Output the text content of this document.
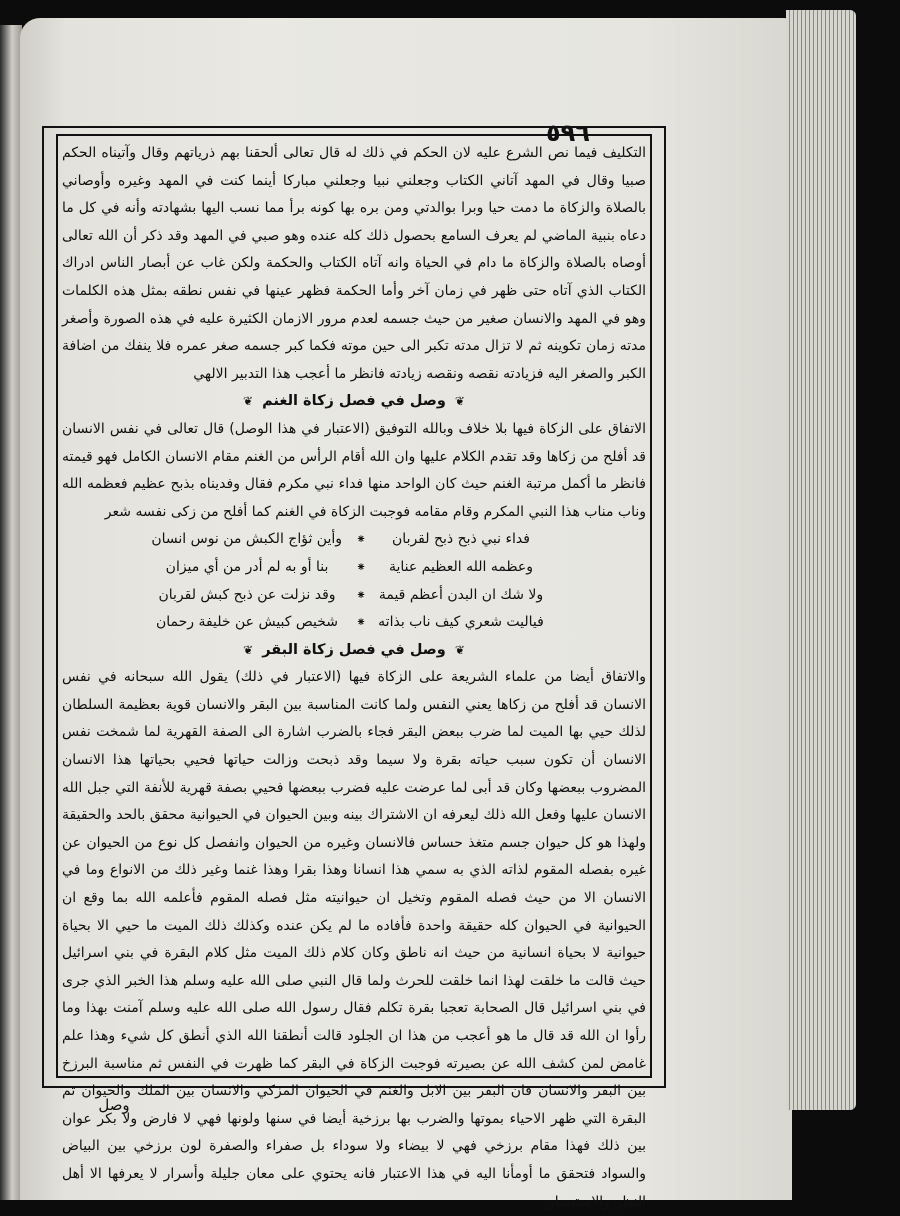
٥٩٦

التكليف فيما نص الشرع عليه لان الحكم في ذلك له قال تعالى ألحقنا بهم ذرياتهم وقال وآتيناه الحكم صبيا وقال في المهد آتاني الكتاب وجعلني نبيا وجعلني مباركا أينما كنت في المهد وغيره وأوصاني بالصلاة والزكاة ما دمت حيا وبرا بوالدتي ومن بره بها كونه برأ مما نسب اليها بشهادته وأنه في كل ما دعاه بنبية الماضي لم يعرف السامع بحصول ذلك كله عنده وهو صبي في المهد وقد ذكر أن الله تعالى أوصاه بالصلاة والزكاة ما دام في الحياة وانه آتاه الكتاب والحكمة ولكن غاب عن أبصار الناس ادراك الكتاب الذي آتاه حتى ظهر في زمان آخر وأما الحكمة فظهر عينها في نفس نطقه بمثل هذه الكلمات وهو في المهد والانسان صغير من حيث جسمه لعدم مرور الازمان الكثيرة عليه في هذه الصورة وأصغر مدته زمان تكوينه ثم لا تزال مدته تكبر الى حين موته فكما كبر جسمه صغر عمره فلا ينفك من اضافة الكبر والصغر اليه فزيادته نقصه ونقصه زيادته فانظر ما أعجب هذا التدبير الالهي

❦ وصل في فصل زكاة الغنم ❦

الاتفاق على الزكاة فيها بلا خلاف وبالله التوفيق (الاعتبار في هذا الوصل) قال تعالى في نفس الانسان قد أفلح من زكاها وقد تقدم الكلام عليها وان الله أقام الرأس من الغنم مقام الانسان الكامل فهو قيمته فانظر ما أكمل مرتبة الغنم حيث كان الواحد منها فداء نبي مكرم فقال وفديناه بذبح عظيم فعظمه الله وناب مناب هذا النبي المكرم وقام مقامه فوجبت الزكاة في الغنم كما أفلح من زكى نفسه شعر

فداء نبي ذبح ذبح لقربان
⁕
وأين ثؤاج الكبش من نوس انسان
وعظمه الله العظيم عناية
⁕
بنا أو به لم أدر من أي ميزان
ولا شك ان البدن أعظم قيمة
⁕
وقد نزلت عن ذبح كبش لقربان
فياليت شعري كيف ناب بذاته
⁕
شخيص كبيش عن خليفة رحمان

❦ وصل في فصل زكاة البقر ❦

والاتفاق أيضا من علماء الشريعة على الزكاة فيها (الاعتبار في ذلك) يقول الله سبحانه في نفس الانسان قد أفلح من زكاها يعني النفس ولما كانت المناسبة بين البقر والانسان قوية بعظيمة السلطان لذلك حيي بها الميت لما ضرب ببعض البقر فجاء بالضرب اشارة الى الصفة القهرية لما شمخت نفس الانسان أن تكون سبب حياته بقرة ولا سيما وقد ذبحت وزالت حياتها فحيي بحياتها هذا الانسان المضروب ببعضها وكان قد أبى لما عرضت عليه فضرب ببعضها فحيي بصفة قهرية للأنفة التي جبل الله الانسان عليها وفعل الله ذلك ليعرفه ان الاشتراك بينه وبين الحيوان في الحيوانية محقق بالحد والحقيقة ولهذا هو كل حيوان جسم متغذ حساس فالانسان وغيره من الحيوان وانفصل كل نوع من الحيوان عن غيره بفصله المقوم لذاته الذي به سمي هذا انسانا وهذا بقرا وهذا غنما وغير ذلك من الانواع وما في الانسان الا من حيث فصله المقوم وتخيل ان حيوانيته مثل فصله المقوم فأعلمه الله بما وقع ان الحيوانية في الحيوان كله حقيقة واحدة فأفاده ما لم يكن عنده وكذلك ذلك الميت ما حيي الا بحياة حيوانية لا بحياة انسانية من حيث انه ناطق وكان كلام ذلك الميت مثل كلام البقرة في بني اسرائيل حيث قالت ما خلقت لهذا انما خلقت للحرث ولما قال النبي صلى الله عليه وسلم هذا الخبر الذي جرى في بني اسرائيل قال الصحابة تعجبا بقرة تكلم فقال رسول الله صلى الله عليه وسلم آمنت بهذا وما رأوا ان الله قد قال ما هو أعجب من هذا ان الجلود قالت أنطقنا الله الذي أنطق كل شيء وهذا علم غامض لمن كشف الله عن بصيرته فوجبت الزكاة في البقر كما ظهرت في النفس ثم مناسبة البرزخ بين البقر والانسان فان البقر بين الابل والغنم في الحيوان المزكي والانسان بين الملك والحيوان ثم البقرة التي ظهر الاحياء بموتها والضرب بها برزخية أيضا في سنها ولونها فهي لا فارض ولا بكر عوان بين ذلك فهذا مقام برزخي فهي لا بيضاء ولا سوداء بل صفراء والصفرة لون برزخي بين البياض والسواد فتحقق ما أومأنا اليه في هذا الاعتبار فانه يحتوي على معان جليلة وأسرار لا يعرفها الا أهل النظر والاستبصار

وصل
